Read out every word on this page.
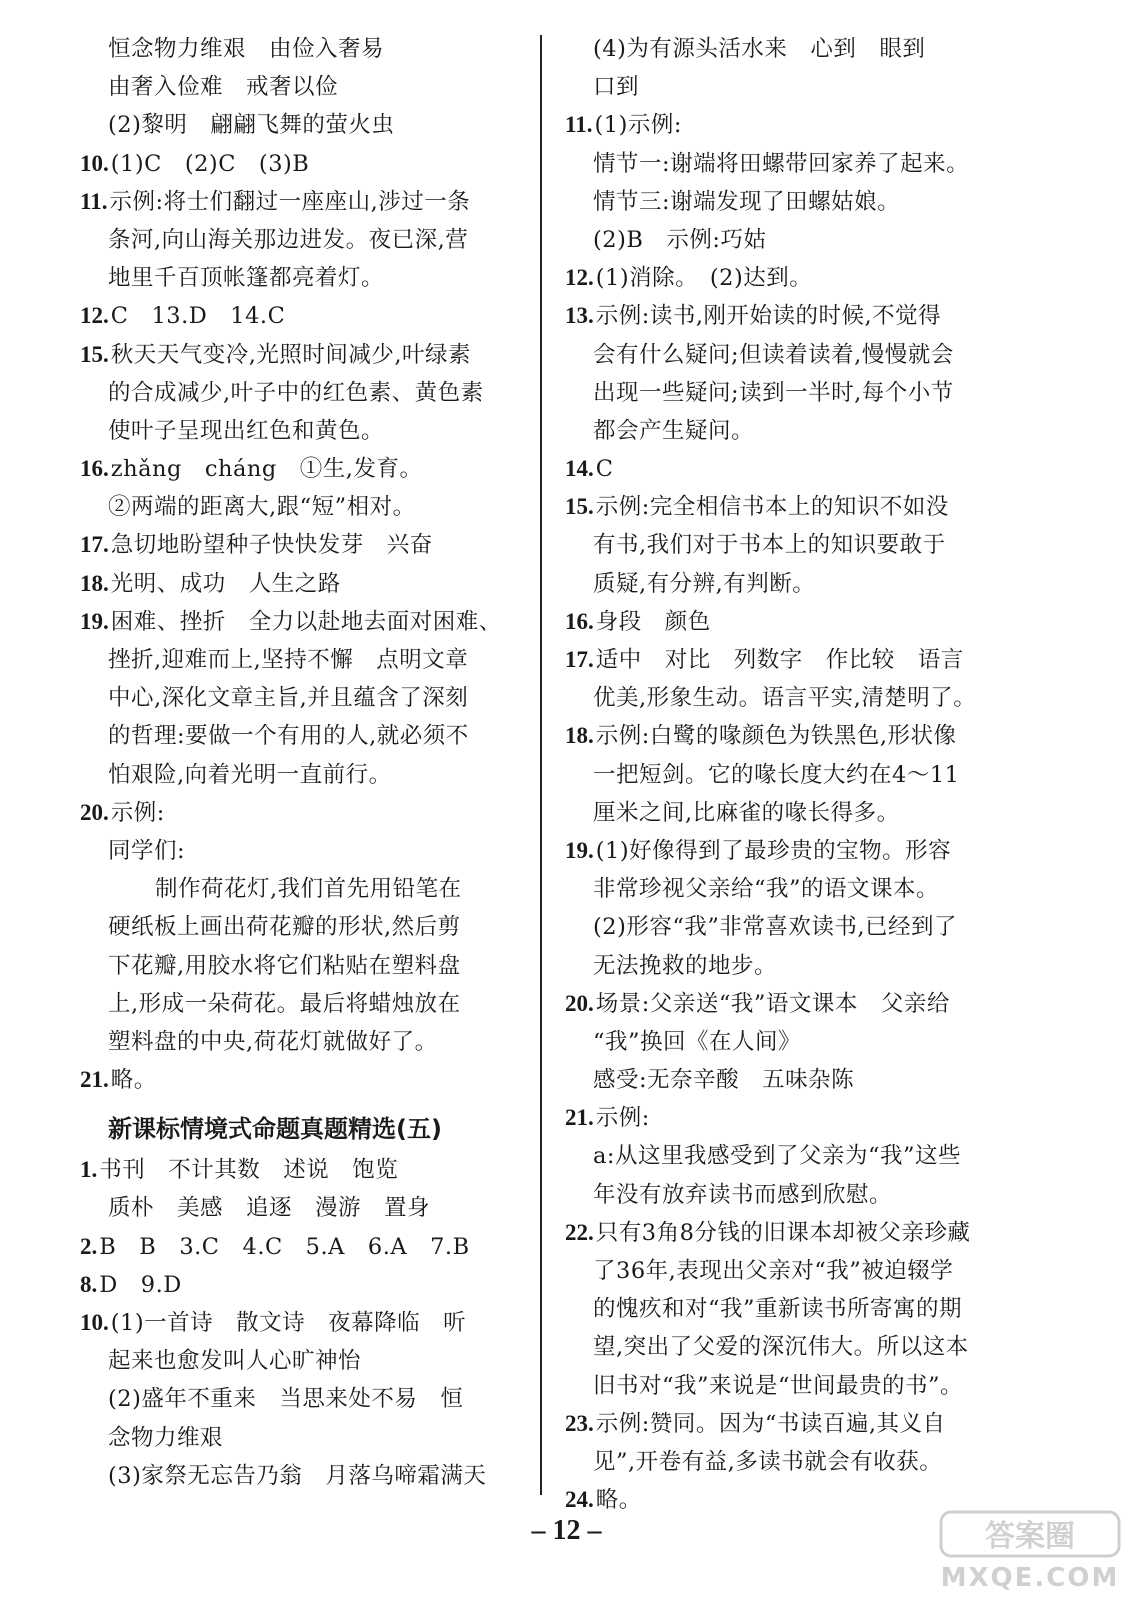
恒念物力维艰　由俭入奢易
由奢入俭难　戒奢以俭
(2)黎明　翩翩飞舞的萤火虫
10.(1)C　(2)C　(3)B
11.示例:将士们翻过一座座山,涉过一条
条河,向山海关那边进发。夜已深,营
地里千百顶帐篷都亮着灯。
12.C　13.D　14.C
15.秋天天气变冷,光照时间减少,叶绿素
的合成减少,叶子中的红色素、黄色素
使叶子呈现出红色和黄色。
16.zhǎng　cháng　①生,发育。
②两端的距离大,跟“短”相对。
17.急切地盼望种子快快发芽　兴奋
18.光明、成功　人生之路
19.困难、挫折　全力以赴地去面对困难、
挫折,迎难而上,坚持不懈　点明文章
中心,深化文章主旨,并且蕴含了深刻
的哲理:要做一个有用的人,就必须不
怕艰险,向着光明一直前行。
20.示例:
同学们:
制作荷花灯,我们首先用铅笔在
硬纸板上画出荷花瓣的形状,然后剪
下花瓣,用胶水将它们粘贴在塑料盘
上,形成一朵荷花。最后将蜡烛放在
塑料盘的中央,荷花灯就做好了。
21.略。
新课标情境式命题真题精选(五)
1.书刊　不计其数　述说　饱览
质朴　美感　追逐　漫游　置身
2.B　B　3.C　4.C　5.A　6.A　7.B
8.D　9.D
10.(1)一首诗　散文诗　夜幕降临　听
起来也愈发叫人心旷神怡
(2)盛年不重来　当思来处不易　恒
念物力维艰
(3)家祭无忘告乃翁　月落乌啼霜满天
(4)为有源头活水来　心到　眼到
口到
11.(1)示例:
情节一:谢端将田螺带回家养了起来。
情节三:谢端发现了田螺姑娘。
(2)B　示例:巧姑
12.(1)消除。　(2)达到。
13.示例:读书,刚开始读的时候,不觉得
会有什么疑问;但读着读着,慢慢就会
出现一些疑问;读到一半时,每个小节
都会产生疑问。
14.C
15.示例:完全相信书本上的知识不如没
有书,我们对于书本上的知识要敢于
质疑,有分辨,有判断。
16.身段　颜色
17.适中　对比　列数字　作比较　语言
优美,形象生动。语言平实,清楚明了。
18.示例:白鹭的喙颜色为铁黑色,形状像
一把短剑。它的喙长度大约在4～11
厘米之间,比麻雀的喙长得多。
19.(1)好像得到了最珍贵的宝物。形容
非常珍视父亲给“我”的语文课本。
(2)形容“我”非常喜欢读书,已经到了
无法挽救的地步。
20.场景:父亲送“我”语文课本　父亲给
“我”换回《在人间》
感受:无奈辛酸　五味杂陈
21.示例:
a:从这里我感受到了父亲为“我”这些
年没有放弃读书而感到欣慰。
22.只有3角8分钱的旧课本却被父亲珍藏
了36年,表现出父亲对“我”被迫辍学
的愧疚和对“我”重新读书所寄寓的期
望,突出了父爱的深沉伟大。所以这本
旧书对“我”来说是“世间最贵的书”。
23.示例:赞同。因为“书读百遍,其义自
见”,开卷有益,多读书就会有收获。
24.略。
– 12 –	答案圈
MXQE.COM
